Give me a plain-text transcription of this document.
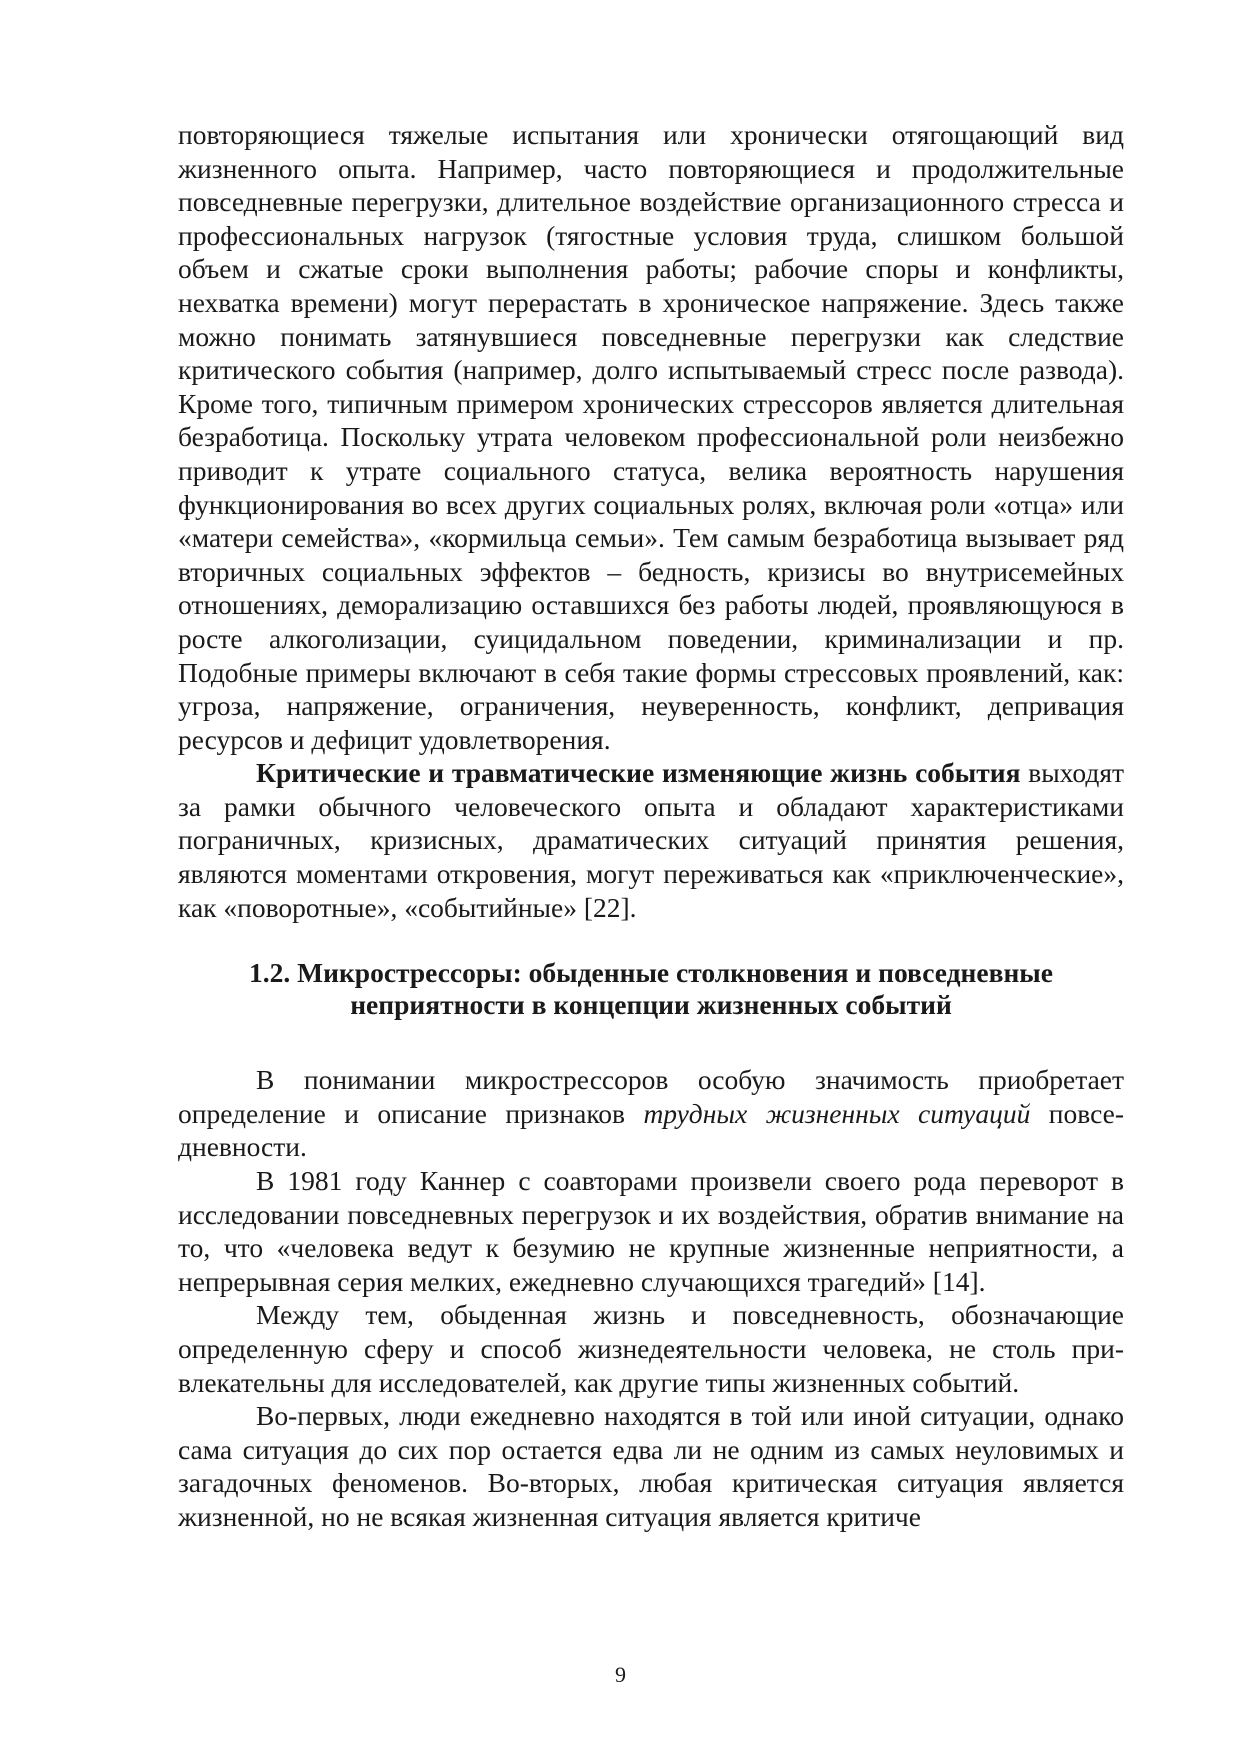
повторяющиеся тяжелые испытания или хронически отягощающий вид жизненного опыта. Например, часто повторяющиеся и продолжительные повседневные перегрузки, длительное воздействие организационного стресса и профессиональных нагрузок (тягостные условия труда, слишком большой объем и сжатые сроки выполнения работы; рабочие споры и конфликты, нехватка времени) могут перерастать в хроническое напряжение. Здесь также можно понимать затянувшиеся повседневные перегрузки как следствие критического события (например, долго испытываемый стресс после развода). Кроме того, типичным примером хронических стрессоров является длительная безработица. Поскольку утрата человеком профессиональной роли неизбежно приводит к утрате социального статуса, велика вероятность нарушения функционирования во всех других социальных ролях, включая роли «отца» или «матери семейства», «кормильца семьи». Тем самым безработица вызывает ряд вторичных социальных эффектов – бедность, кризисы во внутрисемейных отношениях, деморализацию оставшихся без работы людей, проявляющуюся в росте алкоголизации, суицидальном поведении, криминализации и пр. Подобные примеры включают в себя такие формы стрессовых проявлений, как: угроза, напряжение, ограничения, неуверенность, конфликт, депривация ресурсов и дефицит удовлетворения.

Критические и травматические изменяющие жизнь события выходят за рамки обычного человеческого опыта и обладают характеристиками пограничных, кризисных, драматических ситуаций принятия решения, являются моментами откровения, могут переживаться как «приключенческие», как «поворотные», «событийные» [22].

1.2. Микрострессоры: обыденные столкновения и повседневные
неприятности в концепции жизненных событий

В понимании микрострессоров особую значимость приобретает определение и описание признаков трудных жизненных ситуаций повседневности.

В 1981 году Каннер с соавторами произвели своего рода переворот в исследовании повседневных перегрузок и их воздействия, обратив внимание на то, что «человека ведут к безумию не крупные жизненные неприятности, а непрерывная серия мелких, ежедневно случающихся трагедий» [14].

Между тем, обыденная жизнь и повседневность, обозначающие определенную сферу и способ жизнедеятельности человека, не столь привлекательны для исследователей, как другие типы жизненных событий.

Во-первых, люди ежедневно находятся в той или иной ситуации, однако сама ситуация до сих пор остается едва ли не одним из самых неуловимых и загадочных феноменов. Во-вторых, любая критическая ситуация является жизненной, но не всякая жизненная ситуация является критиче

9
